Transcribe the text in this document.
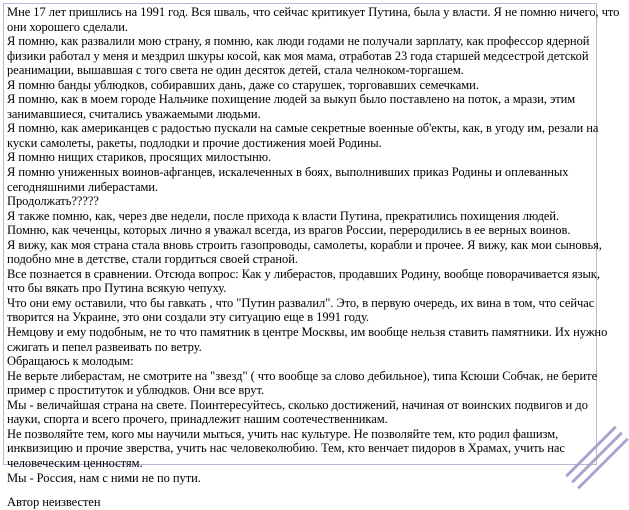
Мне 17 лет пришлись на 1991 год. Вся шваль, что сейчас критикует Путина, была у власти. Я не помню ничего, что

они хорошего сделали.

Я помню, как развалили мою страну, я помню, как люди годами не получали зарплату, как профессор ядерной

физики работал у меня и мездрил шкуры косой, как моя мама, отработав 23 года старшей медсестрой детской

реанимации, вышавшая с того света не один десяток детей, стала челноком-торгашем.

Я помню банды ублюдков, собиравших дань, даже со старушек, торговавших семечками.

Я помню, как в моем городе Нальчике похищение людей за выкуп было поставлено на поток, а мрази, этим

занимавшиеся, считались уважаемыми людьми.

Я помню, как американцев с радостью пускали на самые секретные военные об'екты, как, в угоду им, резали на

куски самолеты, ракеты, подлодки и прочие достижения моей Родины.

Я помню нищих стариков, просящих милостыню.

Я помню униженных воинов-афганцев, искалеченных в боях, выполнивших приказ Родины и оплеванных

сегодняшними либерастами.

Продолжать?????

Я также помню, как, через две недели, после прихода к власти Путина, прекратились похищения людей.

Помню, как чеченцы, которых лично я уважал всегда, из врагов России, переродились в ее верных воинов.

Я вижу, как моя страна стала вновь строить газопроводы, самолеты, корабли и прочее. Я вижу, как мои сыновья,

подобно мне в детстве, стали гордиться своей страной.

Все познается в сравнении. Отсюда вопрос: Как у либерастов, продавших Родину, вообще поворачивается язык,

что бы вякать про Путина всякую чепуху.

Что они ему оставили, что бы гавкать , что "Путин развалил". Это, в первую очередь, их вина в том, что сейчас

творится на Украине, это они создали эту ситуацию еще в 1991 году.

Немцову и ему подобным, не то что памятник в центре Москвы, им вообще нельзя ставить памятники. Их нужно

сжигать и пепел развеивать по ветру.

Обращаюсь к молодым:

Не верьте либерастам, не смотрите на "звезд" ( что вообще за слово дебильное), типа Ксюши Собчак, не берите

пример с проституток и ублюдков. Они все врут.

Мы - величайшая страна на свете. Поинтересуйтесь, сколько достижений, начиная от воинских подвигов и до

науки, спорта и всего прочего, принадлежит нашим соотечественникам.

Не позволяйте тем, кого мы научили мыться, учить нас культуре. Не позволяйте тем, кто родил фашизм,

инквизицию и прочие зверства, учить нас человеколюбию. Тем, кто венчает пидоров в Храмах, учить нас

человеческим ценностям.

Мы - Россия, нам с ними не по пути.

Автор неизвестен
